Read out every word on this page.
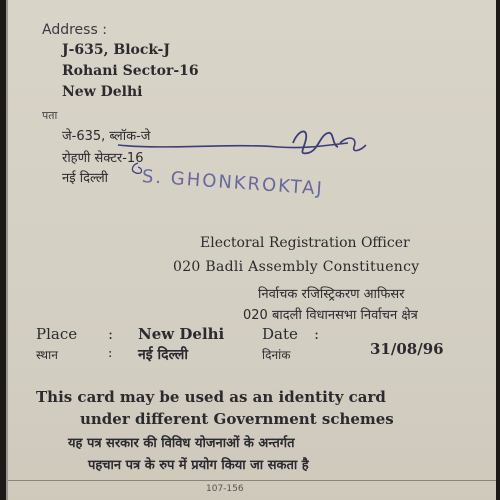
Address :
J-635, Block-J
Rohani Sector-16
New Delhi
पता
जे-635, ब्लॉक-जे
रोहणी सेक्टर-16
नई दिल्ली S. GHONKROKTAJ
Electoral Registration Officer
020 Badli Assembly Constituency
निर्वाचक रजिस्ट्रिकरण आफिसर
020 बादली विधानसभा निर्वाचन क्षेत्र
Place : New Delhi	Date :
स्थान	: नई दिल्ली	दिनांक	31/08/96
This card may be used as an identity card
under different Government schemes
यह पत्र सरकार की विविध योजनाओं के अन्तर्गत
पहचान पत्र के रुप में प्रयोग किया जा सकता है
107-156
